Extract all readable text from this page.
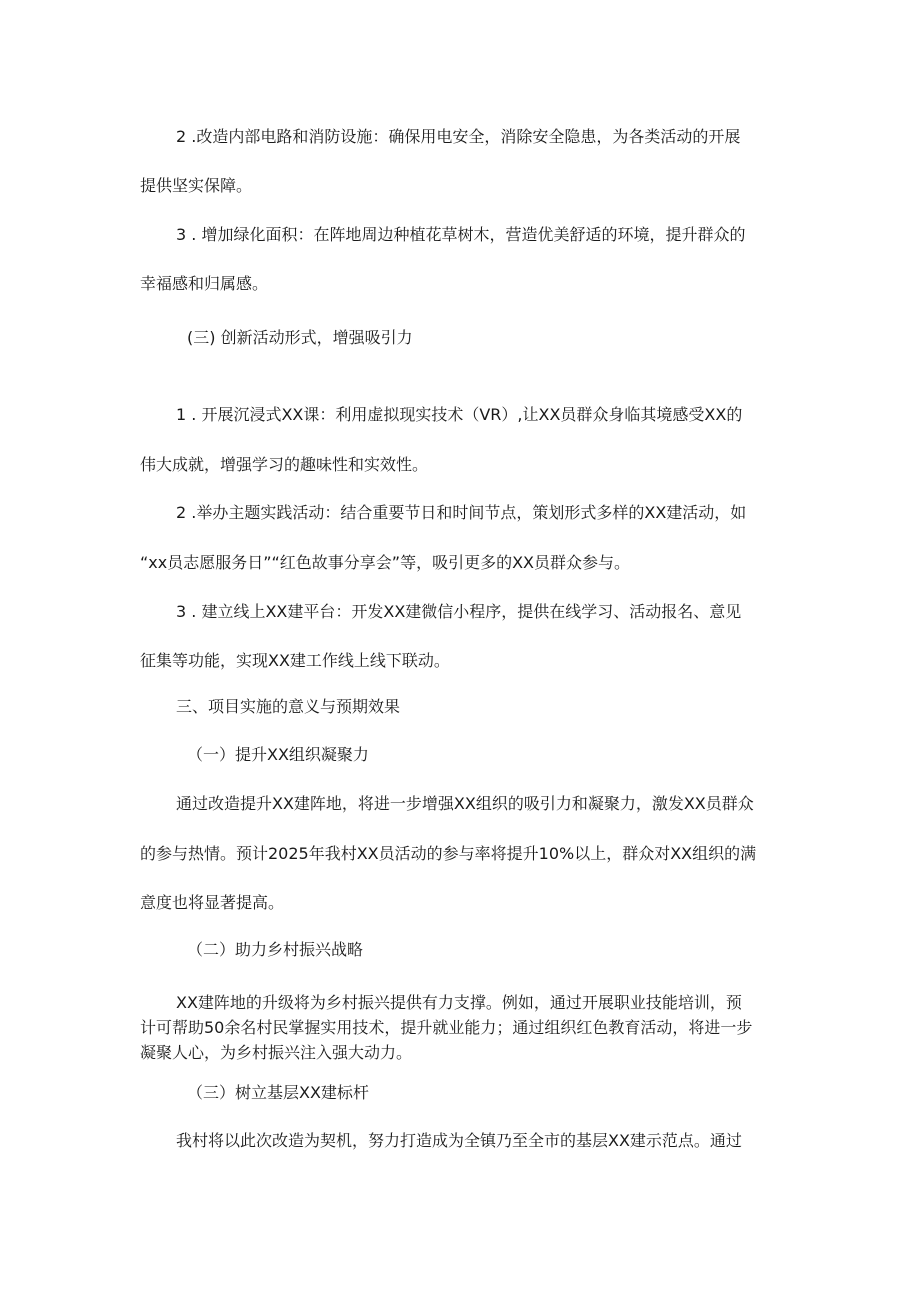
2 .改造内部电路和消防设施：确保用电安全，消除安全隐患，为各类活动的开展
提供坚实保障。
3 . 增加绿化面积：在阵地周边种植花草树木，营造优美舒适的环境，提升群众的
幸福感和归属感。
(三) 创新活动形式，增强吸引力
1 . 开展沉浸式XX课：利用虚拟现实技术（VR）,让XX员群众身临其境感受XX的
伟大成就，增强学习的趣味性和实效性。
2 .举办主题实践活动：结合重要节日和时间节点，策划形式多样的XX建活动，如
“xx员志愿服务日”“红色故事分享会”等，吸引更多的XX员群众参与。
3 . 建立线上XX建平台：开发XX建微信小程序，提供在线学习、活动报名、意见
征集等功能，实现XX建工作线上线下联动。
三、项目实施的意义与预期效果
（一）提升XX组织凝聚力
通过改造提升XX建阵地，将进一步增强XX组织的吸引力和凝聚力，激发XX员群众
的参与热情。预计2025年我村XX员活动的参与率将提升10%以上，群众对XX组织的满
意度也将显著提高。
（二）助力乡村振兴战略
XX建阵地的升级将为乡村振兴提供有力支撑。例如，通过开展职业技能培训，预
计可帮助50余名村民掌握实用技术，提升就业能力；通过组织红色教育活动，将进一步
凝聚人心，为乡村振兴注入强大动力。
（三）树立基层XX建标杆
我村将以此次改造为契机，努力打造成为全镇乃至全市的基层XX建示范点。通过
